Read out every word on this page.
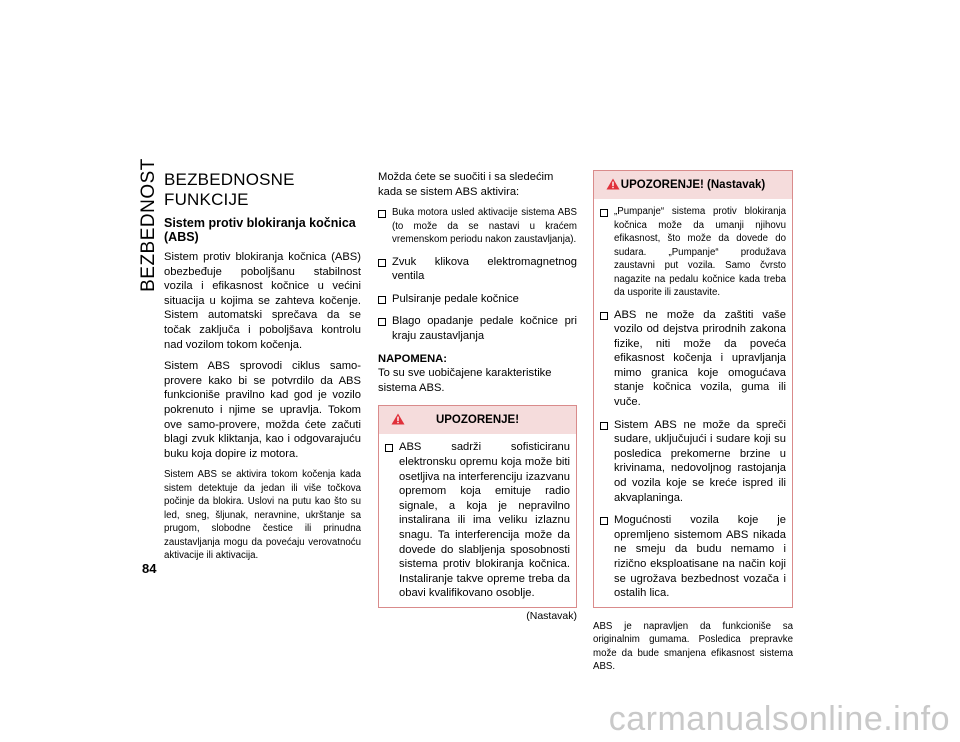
BEZBEDNOST
84
BEZBEDNOSNE FUNKCIJE
Sistem protiv blokiranja kočnica (ABS)

Sistem protiv blokiranja kočnica (ABS) obezbeđuje poboljšanu stabilnost vozila i efikasnost kočnice u većini situacija u kojima se zahteva kočenje. Sistem automatski sprečava da se točak zaključa i poboljšava kontrolu nad vozilom tokom kočenja.

Sistem ABS sprovodi ciklus samo-provere kako bi se potvrdilo da ABS funkcioniše pravilno kad god je vozilo pokrenuto i njime se upravlja. Tokom ove samo-provere, možda ćete začuti blagi zvuk kliktanja, kao i odgovarajuću buku koja dopire iz motora.

Sistem ABS se aktivira tokom kočenja kada sistem detektuje da jedan ili više točkova počinje da blokira. Uslovi na putu kao što su led, sneg, šljunak, neravnine, ukrštanje sa prugom, slobodne čestice ili prinudna zaustavljanja mogu da povećaju verovatnoću aktivacije ili aktivacija.

Možda ćete se suočiti i sa sledećim kada se sistem ABS aktivira:

Buka motora usled aktivacije sistema ABS (to može da se nastavi u kraćem vremenskom periodu nakon zaustavljanja).
Zvuk klikova elektromagnetnog ventila
Pulsiranje pedale kočnice
Blago opadanje pedale kočnice pri kraju zaustavljanja
NAPOMENA:

To su sve uobičajene karakteristike sistema ABS.

UPOZORENJE!
ABS sadrži sofisticiranu elektronsku opremu koja može biti osetljiva na interferenciju izazvanu opremom koja emituje radio signale, a koja je nepravilno instalirana ili ima veliku izlaznu snagu. Ta interferencija može da dovede do slabljenja sposobnosti sistema protiv blokiranja kočnica. Instaliranje takve opreme treba da obavi kvalifikovano osoblje.
(Nastavak)
UPOZORENJE! (Nastavak)
„Pumpanje“ sistema protiv blokiranja kočnica može da umanji njihovu efikasnost, što može da dovede do sudara. „Pumpanje“ produžava zaustavni put vozila. Samo čvrsto nagazite na pedalu kočnice kada treba da usporite ili zaustavite.
ABS ne može da zaštiti vaše vozilo od dejstva prirodnih zakona fizike, niti može da poveća efikasnost kočenja i upravljanja mimo granica koje omogućava stanje kočnica vozila, guma ili vuče.
Sistem ABS ne može da spreči sudare, uključujući i sudare koji su posledica prekomerne brzine u krivinama, nedovoljnog rastojanja od vozila koje se kreće ispred ili akvaplaninga.
Mogućnosti vozila koje je opremljeno sistemom ABS nikada ne smeju da budu nemamo i rizično eksploatisane na način koji se ugrožava bezbednost vozača i ostalih lica.

ABS je napravljen da funkcioniše sa originalnim gumama. Posledica prepravke može da bude smanjena efikasnost sistema ABS.

carmanualsonline.info
